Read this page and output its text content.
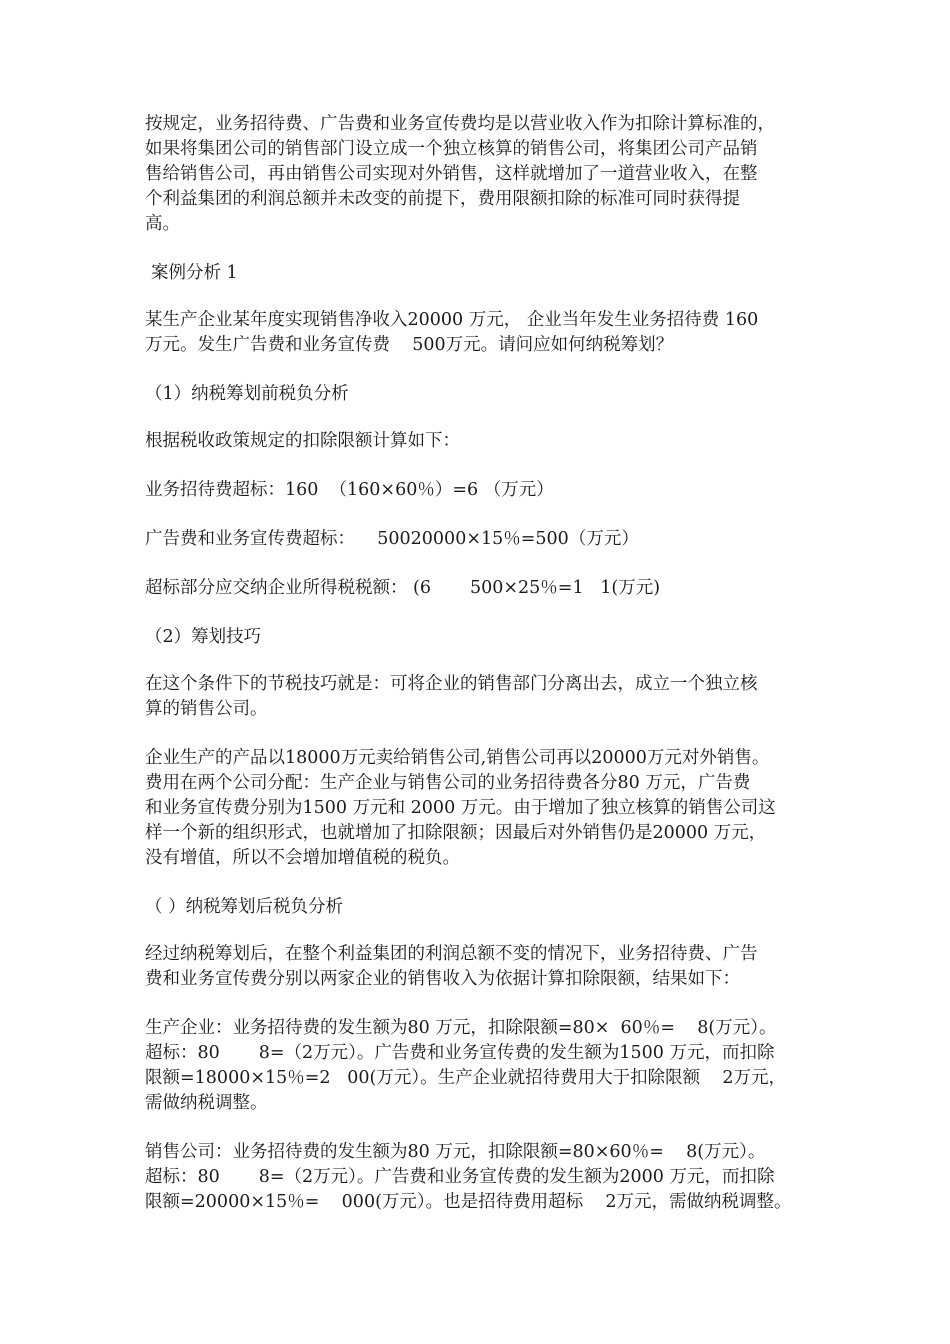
按规定，业务招待费、广告费和业务宣传费均是以营业收入作为扣除计算标准的，
如果将集团公司的销售部门设立成一个独立核算的销售公司，将集团公司产品销
售给销售公司，再由销售公司实现对外销售，这样就增加了一道营业收入，在整
个利益集团的利润总额并未改变的前提下，费用限额扣除的标准可同时获得提
高。

案例分析 1

某生产企业某年度实现销售净收入20000 万元， 企业当年发生业务招待费 160
万元。发生广告费和业务宣传费    500万元。请问应如何纳税筹划？

（1）纳税筹划前税负分析

根据税收政策规定的扣除限额计算如下：

业务招待费超标：160  （160×60％）=6 （万元）

广告费和业务宣传费超标：    50020000×15％=500（万元）

超标部分应交纳企业所得税税额： (6       500×25％=1   1(万元)

（2）筹划技巧

在这个条件下的节税技巧就是：可将企业的销售部门分离出去，成立一个独立核
算的销售公司。

企业生产的产品以18000万元卖给销售公司,销售公司再以20000万元对外销售。
费用在两个公司分配：生产企业与销售公司的业务招待费各分80 万元，广告费
和业务宣传费分别为1500 万元和 2000 万元。由于增加了独立核算的销售公司这
样一个新的组织形式，也就增加了扣除限额；因最后对外销售仍是20000 万元，
没有增值，所以不会增加增值税的税负。

（ ）纳税筹划后税负分析

经过纳税筹划后，在整个利益集团的利润总额不变的情况下，业务招待费、广告
费和业务宣传费分别以两家企业的销售收入为依据计算扣除限额，结果如下：

生产企业：业务招待费的发生额为80 万元，扣除限额=80×  60％=    8(万元）。
超标：80       8=（2万元）。广告费和业务宣传费的发生额为1500 万元，而扣除
限额=18000×15％=2   00(万元）。生产企业就招待费用大于扣除限额    2万元，
需做纳税调整。

销售公司：业务招待费的发生额为80 万元，扣除限额=80×60％=    8(万元）。
超标：80       8=（2万元）。广告费和业务宣传费的发生额为2000 万元，而扣除
限额=20000×15％=    000(万元）。也是招待费用超标    2万元，需做纳税调整。
